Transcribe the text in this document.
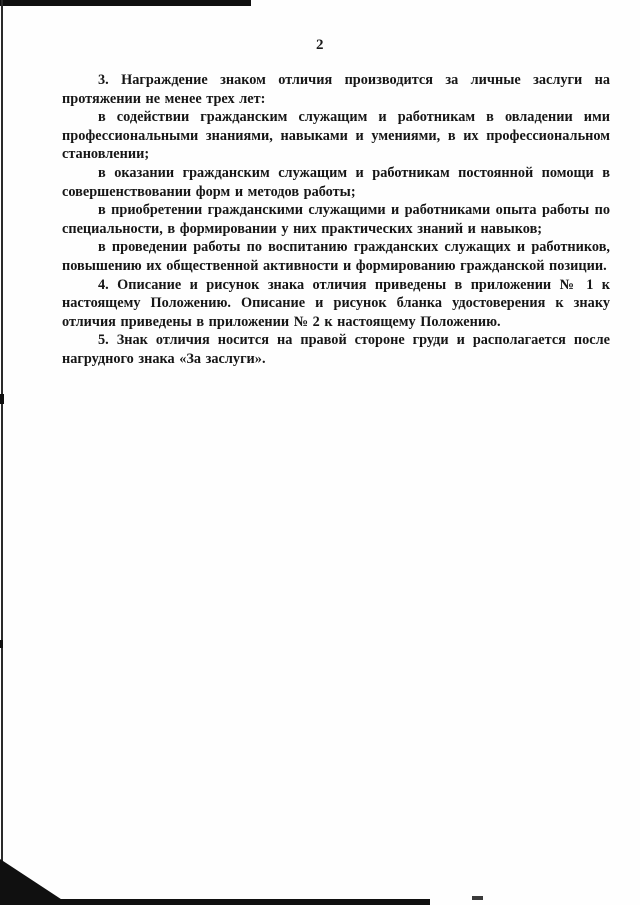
2

3. Награждение знаком отличия производится за личные заслуги на протяжении не менее трех лет:

в содействии гражданским служащим и работникам в овладении ими профессиональными знаниями, навыками и умениями, в их профессиональном становлении;

в оказании гражданским служащим и работникам постоянной помощи в совершенствовании форм и методов работы;

в приобретении гражданскими служащими и работниками опыта работы по специальности, в формировании у них практических знаний и навыков;

в проведении работы по воспитанию гражданских служащих и работников, повышению их общественной активности и формированию гражданской позиции.

4. Описание и рисунок знака отличия приведены в приложении № 1 к настоящему Положению. Описание и рисунок бланка удостоверения к знаку отличия приведены в приложении № 2 к настоящему Положению.

5. Знак отличия носится на правой стороне груди и располагается после нагрудного знака «За заслуги».
